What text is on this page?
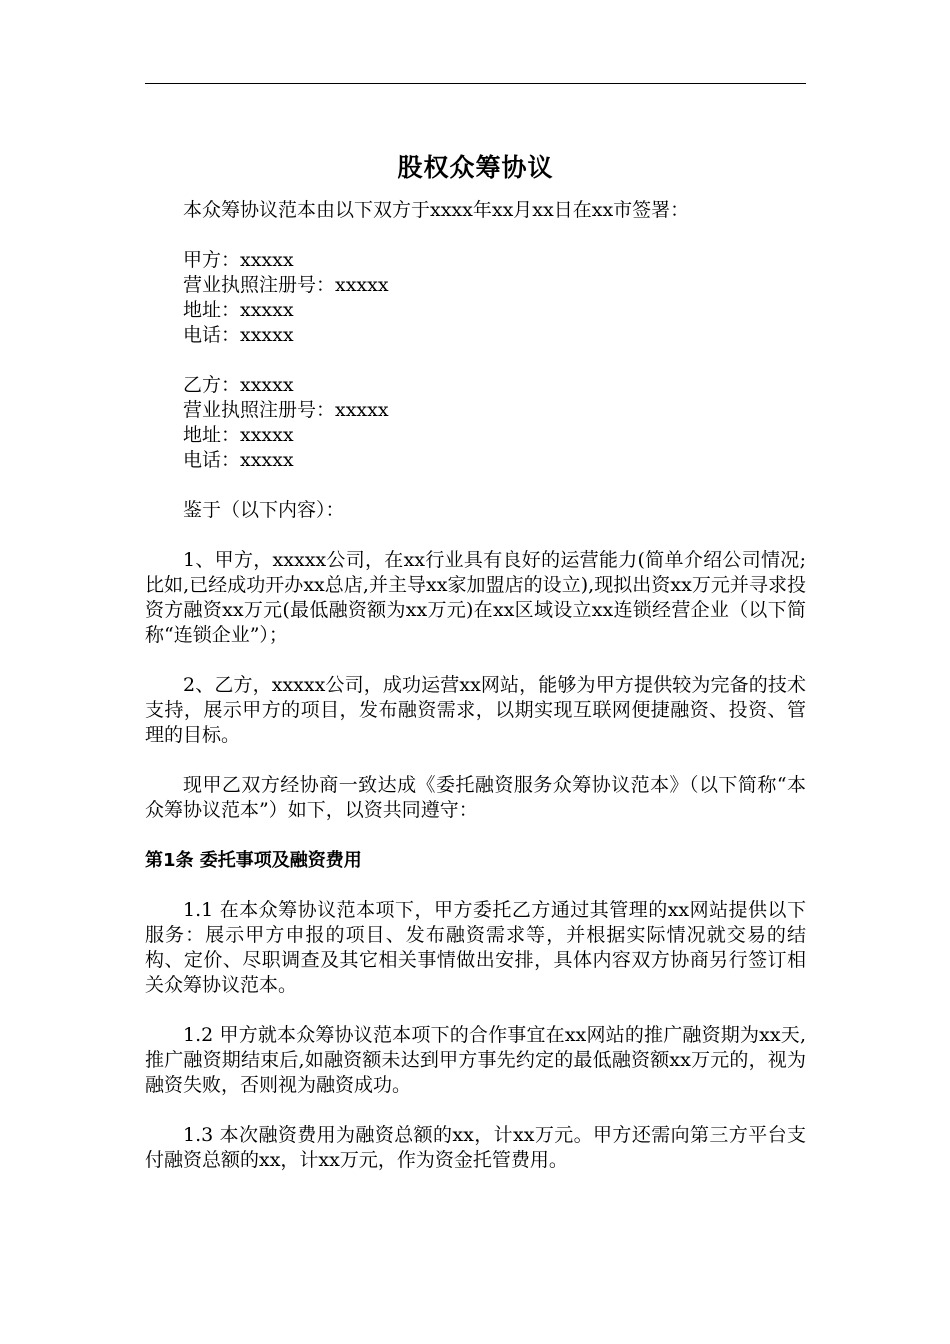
股权众筹协议

本众筹协议范本由以下双方于xxxx年xx月xx日在xx市签署：

甲方：xxxxx
营业执照注册号：xxxxx
地址：xxxxx
电话：xxxxx
乙方：xxxxx
营业执照注册号：xxxxx
地址：xxxxx
电话：xxxxx

鉴于（以下内容）：

1、甲方，xxxxx公司，在xx行业具有良好的运营能力(简单介绍公司情况;比如,已经成功开办xx总店,并主导xx家加盟店的设立),现拟出资xx万元并寻求投资方融资xx万元(最低融资额为xx万元)在xx区域设立xx连锁经营企业（以下简称“连锁企业”）；

2、乙方，xxxxx公司，成功运营xx网站，能够为甲方提供较为完备的技术支持，展示甲方的项目，发布融资需求，以期实现互联网便捷融资、投资、管理的目标。

现甲乙双方经协商一致达成《委托融资服务众筹协议范本》（以下简称“本众筹协议范本”）如下，以资共同遵守：

第1条 委托事项及融资费用

1.1 在本众筹协议范本项下，甲方委托乙方通过其管理的xx网站提供以下服务：展示甲方申报的项目、发布融资需求等，并根据实际情况就交易的结构、定价、尽职调查及其它相关事情做出安排，具体内容双方协商另行签订相关众筹协议范本。

1.2 甲方就本众筹协议范本项下的合作事宜在xx网站的推广融资期为xx天,推广融资期结束后,如融资额未达到甲方事先约定的最低融资额xx万元的，视为融资失败，否则视为融资成功。

1.3 本次融资费用为融资总额的xx，计xx万元。甲方还需向第三方平台支付融资总额的xx，计xx万元，作为资金托管费用。
